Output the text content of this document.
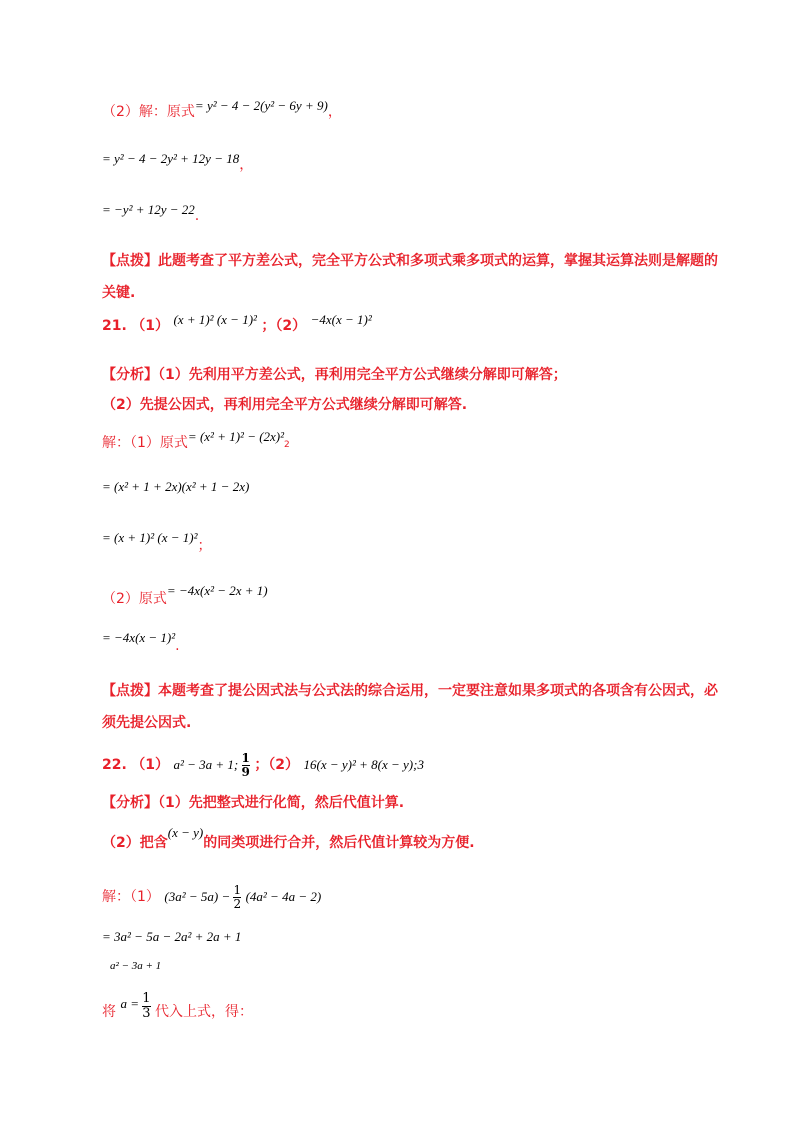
（2）解：原式= y² − 4 − 2(y² − 6y + 9)，
= y² − 4 − 2y² + 12y − 18，
= −y² + 12y − 22.
【点拨】此题考查了平方差公式，完全平方公式和多项式乘多项式的运算，掌握其运算法则是解题的
关键.
21. （1） (x + 1)² (x − 1)² ；（2） −4x(x − 1)²
【分析】（1）先利用平方差公式，再利用完全平方公式继续分解即可解答；
（2）先提公因式，再利用完全平方公式继续分解即可解答.
解：（1）原式= (x² + 1)² − (2x)²2
= (x² + 1 + 2x)(x² + 1 − 2x)
= (x + 1)² (x − 1)²；
（2）原式= −4x(x² − 2x + 1)
= −4x(x − 1)².
【点拨】本题考查了提公因式法与公式法的综合运用，一定要注意如果多项式的各项含有公因式，必
须先提公因式.
22. （1） a² − 3a + 1; $\frac{1}{9}$ ；（2） 16(x − y)² + 8(x − y);3
【分析】（1）先把整式进行化简，然后代值计算.
（2）把含(x − y)的同类项进行合并，然后代值计算较为方便.
解：（1） $(3a^2 - 5a) - \frac{1}{2} (4a^2 - 4a - 2)$
= 3a² − 5a − 2a² + 2a + 1
a² − 3a + 1
将 $a = \frac{1}{3}$ 代入上式，得：
